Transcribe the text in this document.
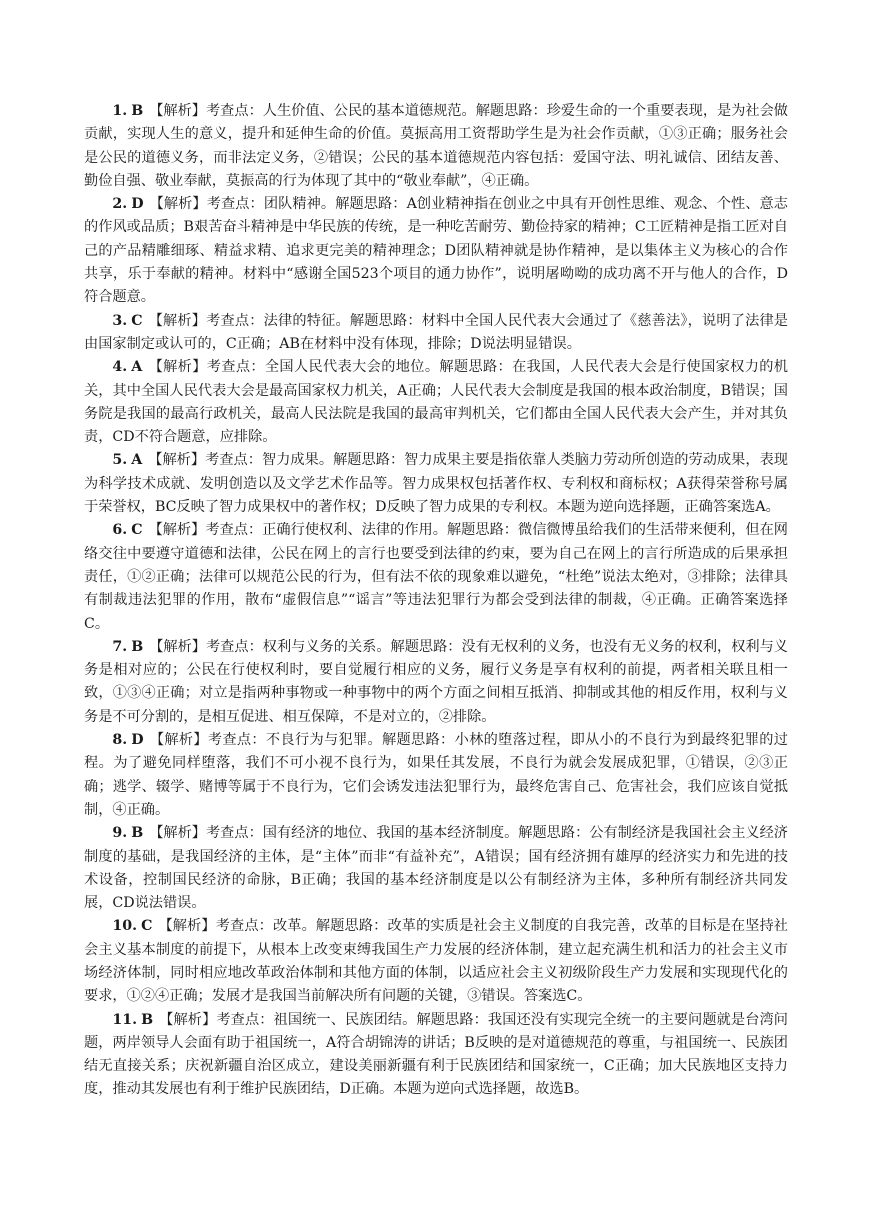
1. B 【解析】考查点：人生价值、公民的基本道德规范。解题思路：珍爱生命的一个重要表现，是为社会做贡献，实现人生的意义，提升和延伸生命的价值。莫振高用工资帮助学生是为社会作贡献，①③正确；服务社会是公民的道德义务，而非法定义务，②错误；公民的基本道德规范内容包括：爱国守法、明礼诚信、团结友善、勤俭自强、敬业奉献，莫振高的行为体现了其中的“敬业奉献”，④正确。

2. D 【解析】考查点：团队精神。解题思路：A创业精神指在创业之中具有开创性思维、观念、个性、意志的作风或品质；B艰苦奋斗精神是中华民族的传统，是一种吃苦耐劳、勤俭持家的精神；C工匠精神是指工匠对自己的产品精雕细琢、精益求精、追求更完美的精神理念；D团队精神就是协作精神，是以集体主义为核心的合作共享，乐于奉献的精神。材料中“感谢全国523个项目的通力协作”，说明屠呦呦的成功离不开与他人的合作，D符合题意。

3. C 【解析】考查点：法律的特征。解题思路：材料中全国人民代表大会通过了《慈善法》，说明了法律是由国家制定或认可的，C正确；AB在材料中没有体现，排除；D说法明显错误。

4. A 【解析】考查点：全国人民代表大会的地位。解题思路：在我国，人民代表大会是行使国家权力的机关，其中全国人民代表大会是最高国家权力机关，A正确；人民代表大会制度是我国的根本政治制度，B错误；国务院是我国的最高行政机关，最高人民法院是我国的最高审判机关，它们都由全国人民代表大会产生，并对其负责，CD不符合题意，应排除。

5. A 【解析】考查点：智力成果。解题思路：智力成果主要是指依靠人类脑力劳动所创造的劳动成果，表现为科学技术成就、发明创造以及文学艺术作品等。智力成果权包括著作权、专利权和商标权；A获得荣誉称号属于荣誉权，BC反映了智力成果权中的著作权；D反映了智力成果的专利权。本题为逆向选择题，正确答案选A。

6. C 【解析】考查点：正确行使权利、法律的作用。解题思路：微信微博虽给我们的生活带来便利，但在网络交往中要遵守道德和法律，公民在网上的言行也要受到法律的约束，要为自己在网上的言行所造成的后果承担责任，①②正确；法律可以规范公民的行为，但有法不依的现象难以避免，“杜绝”说法太绝对，③排除；法律具有制裁违法犯罪的作用，散布“虚假信息”“谣言”等违法犯罪行为都会受到法律的制裁，④正确。正确答案选择C。

7. B 【解析】考查点：权利与义务的关系。解题思路：没有无权利的义务，也没有无义务的权利，权利与义务是相对应的；公民在行使权利时，要自觉履行相应的义务，履行义务是享有权利的前提，两者相关联且相一致，①③④正确；对立是指两种事物或一种事物中的两个方面之间相互抵消、抑制或其他的相反作用，权利与义务是不可分割的，是相互促进、相互保障，不是对立的，②排除。

8. D 【解析】考查点：不良行为与犯罪。解题思路：小林的堕落过程，即从小的不良行为到最终犯罪的过程。为了避免同样堕落，我们不可小视不良行为，如果任其发展，不良行为就会发展成犯罪，①错误，②③正确；逃学、辍学、赌博等属于不良行为，它们会诱发违法犯罪行为，最终危害自己、危害社会，我们应该自觉抵制，④正确。

9. B 【解析】考查点：国有经济的地位、我国的基本经济制度。解题思路：公有制经济是我国社会主义经济制度的基础，是我国经济的主体，是“主体”而非“有益补充”，A错误；国有经济拥有雄厚的经济实力和先进的技术设备，控制国民经济的命脉，B正确；我国的基本经济制度是以公有制经济为主体，多种所有制经济共同发展，CD说法错误。

10. C 【解析】考查点：改革。解题思路：改革的实质是社会主义制度的自我完善，改革的目标是在坚持社会主义基本制度的前提下，从根本上改变束缚我国生产力发展的经济体制，建立起充满生机和活力的社会主义市场经济体制，同时相应地改革政治体制和其他方面的体制，以适应社会主义初级阶段生产力发展和实现现代化的要求，①②④正确；发展才是我国当前解决所有问题的关键，③错误。答案选C。

11. B 【解析】考查点：祖国统一、民族团结。解题思路：我国还没有实现完全统一的主要问题就是台湾问题，两岸领导人会面有助于祖国统一，A符合胡锦涛的讲话；B反映的是对道德规范的尊重，与祖国统一、民族团结无直接关系；庆祝新疆自治区成立，建设美丽新疆有利于民族团结和国家统一，C正确；加大民族地区支持力度，推动其发展也有利于维护民族团结，D正确。本题为逆向式选择题，故选B。
